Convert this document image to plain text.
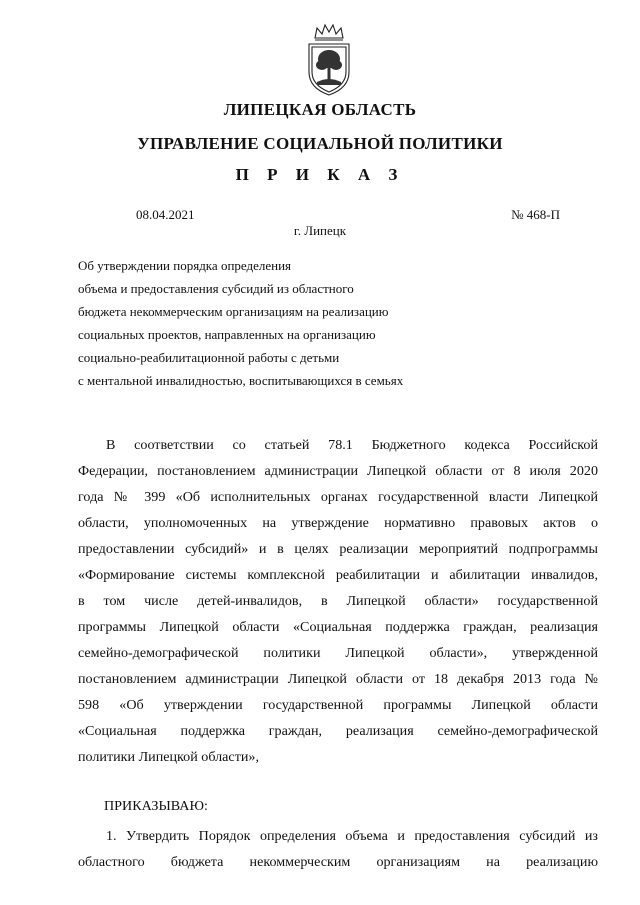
ЛИПЕЦКАЯ ОБЛАСТЬ
УПРАВЛЕНИЕ СОЦИАЛЬНОЙ ПОЛИТИКИ
П Р И К А З
08.04.2021	№ 468-П
г. Липецк
Об утверждении порядка определения
объема и предоставления субсидий из областного
бюджета некоммерческим организациям на реализацию
социальных проектов, направленных на организацию
социально-реабилитационной работы с детьми
с ментальной инвалидностью, воспитывающихся в семьях
В соответствии со статьей 78.1 Бюджетного кодекса Российской
Федерации, постановлением администрации Липецкой области от 8 июля 2020
года № 399 «Об исполнительных органах государственной власти Липецкой
области, уполномоченных на утверждение нормативно правовых актов о
предоставлении субсидий» и в целях реализации мероприятий подпрограммы
«Формирование системы комплексной реабилитации и абилитации инвалидов,
в том числе детей-инвалидов, в Липецкой области» государственной
программы Липецкой области «Социальная поддержка граждан, реализация
семейно-демографической политики Липецкой области», утвержденной
постановлением администрации Липецкой области от 18 декабря 2013 года №
598 «Об утверждении государственной программы Липецкой области
«Социальная поддержка граждан, реализация семейно-демографической
политики Липецкой области»,
ПРИКАЗЫВАЮ:
1. Утвердить Порядок определения объема и предоставления субсидий из
областного бюджета некоммерческим организациям на реализацию
